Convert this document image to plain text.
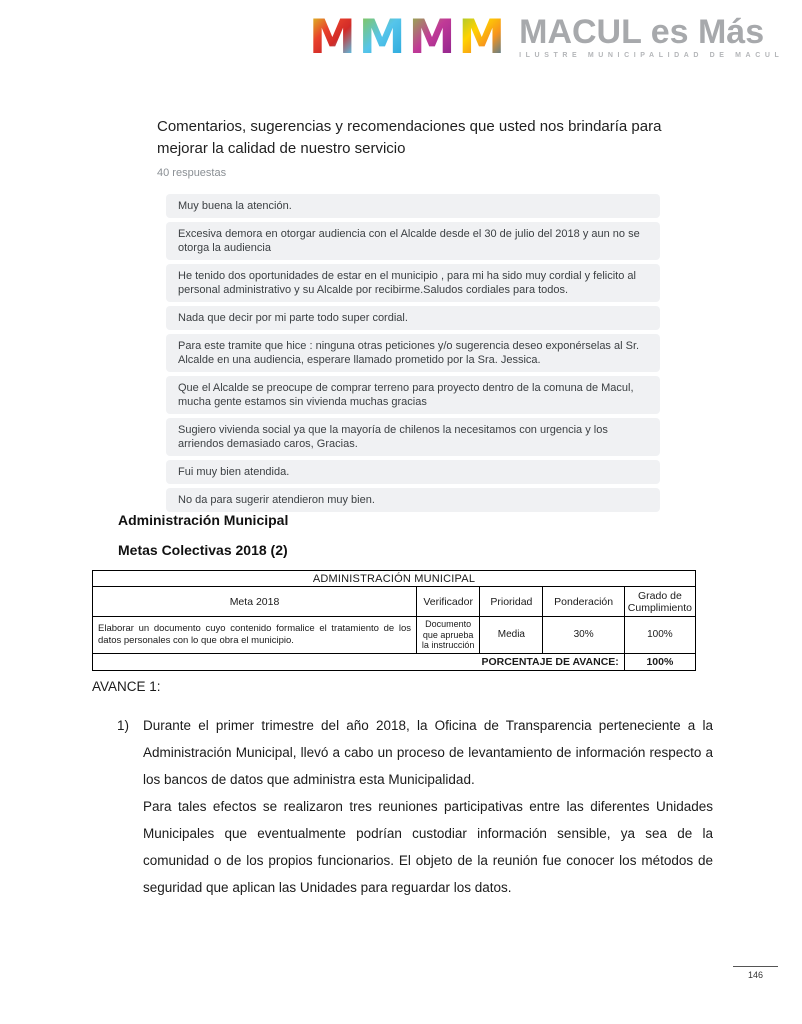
M M M M MACUL es Más
ILUSTRE MUNICIPALIDAD DE MACUL
Comentarios, sugerencias y recomendaciones que usted nos brindaría para mejorar la calidad de nuestro servicio
40 respuestas
Muy buena la atención.
Excesiva demora en otorgar audiencia con el Alcalde desde el 30 de julio del 2018 y aun no se otorga la audiencia
He tenido dos oportunidades de estar en el municipio , para mi ha sido muy cordial y felicito al personal administrativo y su Alcalde por recibirme.Saludos cordiales para todos.
Nada que decir por mi parte todo super cordial.
Para este tramite que hice : ninguna otras peticiones y/o sugerencia deseo exponérselas al Sr. Alcalde en una audiencia, esperare llamado prometido por la Sra. Jessica.
Que el Alcalde se preocupe de comprar terreno para proyecto dentro de la comuna de Macul, mucha gente estamos sin vivienda muchas gracias
Sugiero vivienda social ya que la mayoría de chilenos la necesitamos con urgencia y los arriendos demasiado caros, Gracias.
Fui muy bien atendida.
No da para sugerir atendieron muy bien.
Administración Municipal
Metas Colectivas 2018 (2)
ADMINISTRACIÓN MUNICIPAL				
Meta 2018	Verificador	Prioridad	Ponderación	Grado de Cumplimiento
Elaborar un documento cuyo contenido formalice el tratamiento de los datos personales con lo que obra el municipio.	Documento que aprueba la instrucción	Media	30%	100%
PORCENTAJE DE AVANCE:				100%
AVANCE 1:
1)	Durante el primer trimestre del año 2018, la Oficina de Transparencia perteneciente a la Administración Municipal, llevó a cabo un proceso de levantamiento de información respecto a los bancos de datos que administra esta Municipalidad.
Para tales efectos se realizaron tres reuniones participativas entre las diferentes Unidades Municipales que eventualmente podrían custodiar información sensible, ya sea de la comunidad o de los propios funcionarios. El objeto de la reunión fue conocer los métodos de seguridad que aplican las Unidades para reguardar los datos.
146
